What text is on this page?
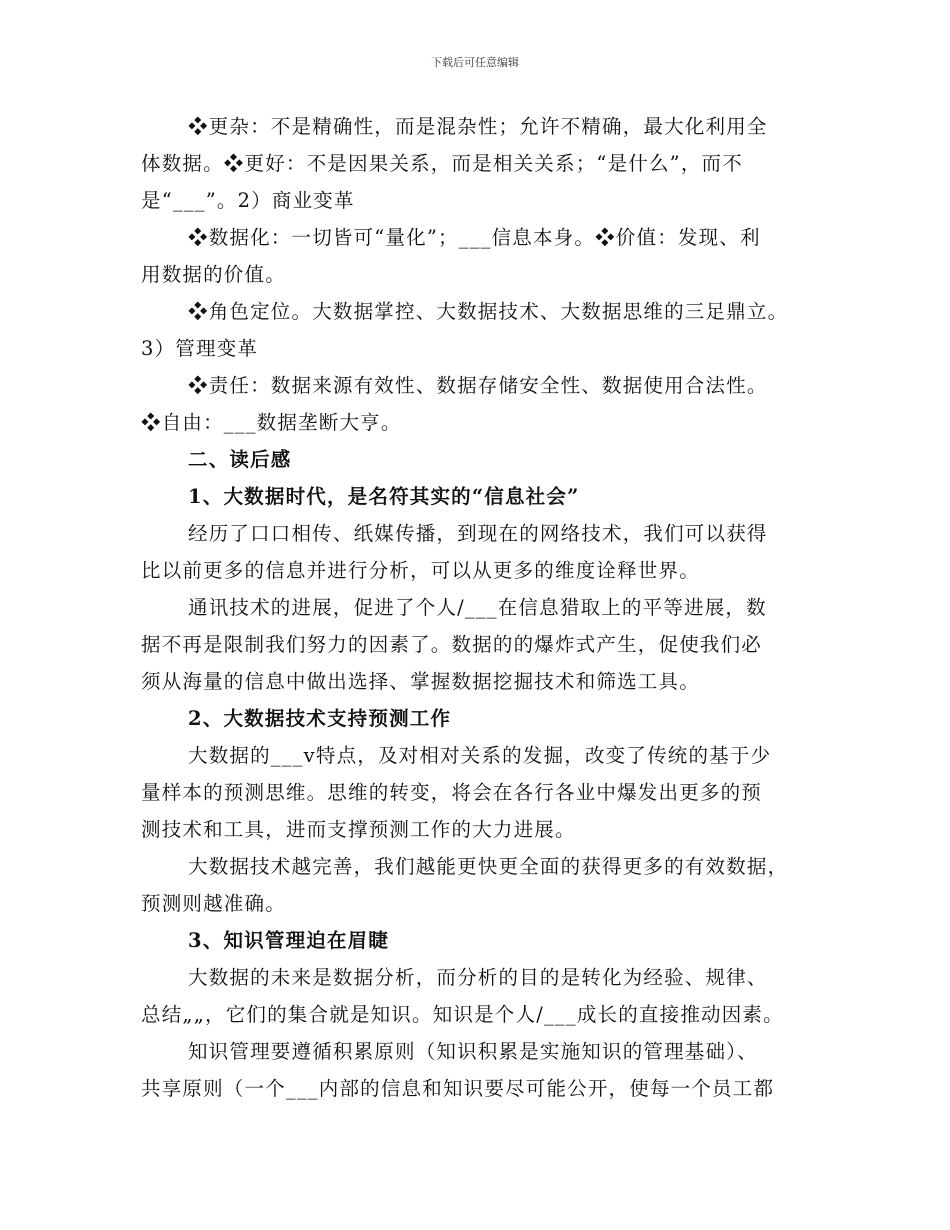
下载后可任意编辑
❖更杂：不是精确性，而是混杂性；允许不精确，最大化利用全
体数据。❖更好：不是因果关系，而是相关关系；“是什么”，而不
是“___”。2）商业变革
❖数据化：一切皆可“量化”；___信息本身。❖价值：发现、利
用数据的价值。
❖角色定位。大数据掌控、大数据技术、大数据思维的三足鼎立。
3）管理变革
❖责任：数据来源有效性、数据存储安全性、数据使用合法性。
❖自由：___数据垄断大亨。
二、读后感
1、大数据时代，是名符其实的“信息社会”
经历了口口相传、纸媒传播，到现在的网络技术，我们可以获得
比以前更多的信息并进行分析，可以从更多的维度诠释世界。
通讯技术的进展，促进了个人/___在信息猎取上的平等进展，数
据不再是限制我们努力的因素了。数据的的爆炸式产生，促使我们必
须从海量的信息中做出选择、掌握数据挖掘技术和筛选工具。
2、大数据技术支持预测工作
大数据的___v特点，及对相对关系的发掘，改变了传统的基于少
量样本的预测思维。思维的转变，将会在各行各业中爆发出更多的预
测技术和工具，进而支撑预测工作的大力进展。
大数据技术越完善，我们越能更快更全面的获得更多的有效数据，
预测则越准确。
3、知识管理迫在眉睫
大数据的未来是数据分析，而分析的目的是转化为经验、规律、
总结„„，它们的集合就是知识。知识是个人/___成长的直接推动因素。
知识管理要遵循积累原则（知识积累是实施知识的管理基础）、
共享原则（一个___内部的信息和知识要尽可能公开，使每一个员工都
